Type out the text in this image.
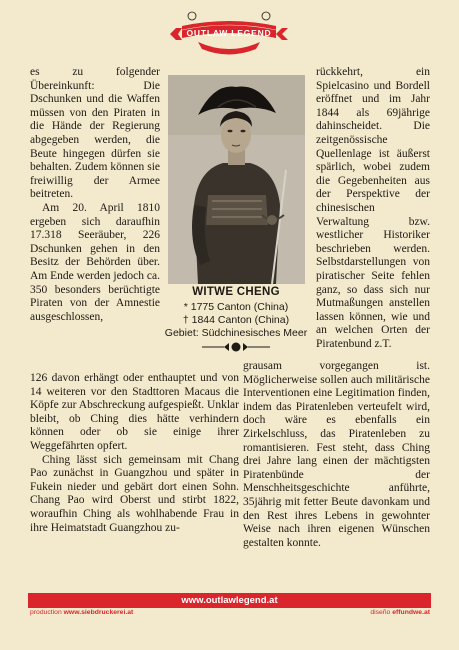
OUTLAW LEGEND

es zu folgender Übereinkunft: Die Dschunken und die Waffen müssen von den Piraten in die Hände der Regierung abgegeben werden, die Beute hingegen dürfen sie behalten. Zudem können sie freiwillig der Armee beitreten.

Am 20. April 1810 ergeben sich daraufhin 17.318 Seeräuber, 226 Dschunken gehen in den Besitz der Behörden über. Am Ende werden jedoch ca. 350 besonders berüchtigte Piraten von der Amnestie ausgeschlossen,

WITWE CHENG
* 1775 Canton (China)
† 1844 Canton (China)
Gebiet: Südchinesisches Meer

rückkehrt, ein Spielcasino und Bordell eröffnet und im Jahr 1844 als 69jährige dahinscheidet. Die zeitgenössische Quellenlage ist äußerst spärlich, wobei zudem die Gegebenheiten aus der Perspektive der chinesischen Verwaltung bzw. westlicher Historiker beschrieben werden. Selbstdarstellungen von piratischer Seite fehlen ganz, so dass sich nur Mutmaßungen anstellen lassen können, wie und an welchen Orten der Piratenbund z.T.

126 davon erhängt oder enthauptet und von 14 weiteren vor den Stadttoren Macaus die Köpfe zur Abschreckung aufgespießt. Unklar bleibt, ob Ching dies hätte verhindern können oder ob sie einige ihrer Weggefährten opfert.

Ching lässt sich gemeinsam mit Chang Pao zunächst in Guangzhou und später in Fukein nieder und gebärt dort einen Sohn. Chang Pao wird Oberst und stirbt 1822, woraufhin Ching als wohlhabende Frau in ihre Heimatstadt Guangzhou zu-

grausam vorgegangen ist. Möglicherweise sollen auch militärische Interventionen eine Legitimation finden, indem das Piratenleben verteufelt wird, doch wäre es ebenfalls ein Zirkelschluss, das Piratenleben zu romantisieren. Fest steht, dass Ching drei Jahre lang einen der mächtigsten Piratenbünde der Menschheitsgeschichte anführte, 35jährig mit fetter Beute davonkam und den Rest ihres Lebens in gewohnter Weise nach ihren eigenen Wünschen gestalten konnte.

www.outlawlegend.at
production www.siebdruckerei.at	diseño effundwe.at
